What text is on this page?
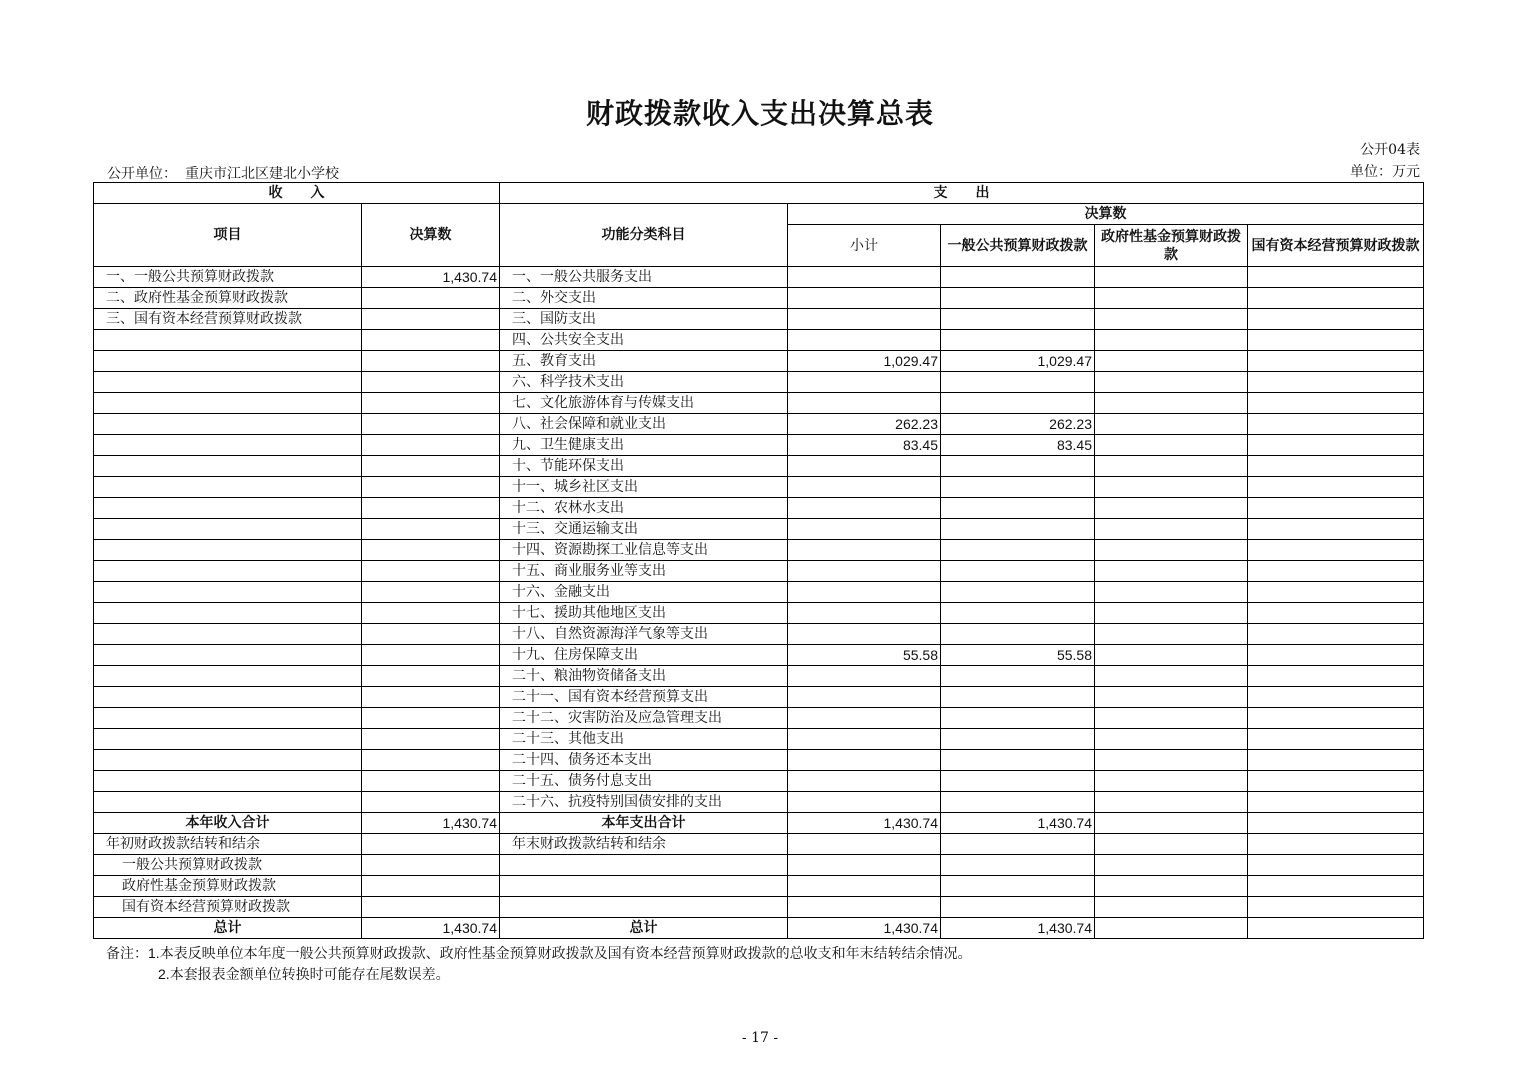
财政拨款收入支出决算总表
公开04表
单位：万元
公开单位： 重庆市江北区建北小学校
收　　入		支　　出				
项目	决算数	功能分类科目	决算数			
			小计	一般公共预算财政拨款	政府性基金预算财政拨款	国有资本经营预算财政拨款
一、一般公共预算财政拨款	1,430.74	一、一般公共服务支出				
二、政府性基金预算财政拨款		二、外交支出				
三、国有资本经营预算财政拨款		三、国防支出				
		四、公共安全支出				
		五、教育支出	1,029.47	1,029.47		
		六、科学技术支出				
		七、文化旅游体育与传媒支出				
		八、社会保障和就业支出	262.23	262.23		
		九、卫生健康支出	83.45	83.45		
		十、节能环保支出				
		十一、城乡社区支出				
		十二、农林水支出				
		十三、交通运输支出				
		十四、资源勘探工业信息等支出				
		十五、商业服务业等支出				
		十六、金融支出				
		十七、援助其他地区支出				
		十八、自然资源海洋气象等支出				
		十九、住房保障支出	55.58	55.58		
		二十、粮油物资储备支出				
		二十一、国有资本经营预算支出				
		二十二、灾害防治及应急管理支出				
		二十三、其他支出				
		二十四、债务还本支出				
		二十五、债务付息支出				
		二十六、抗疫特别国债安排的支出				
本年收入合计	1,430.74	本年支出合计	1,430.74	1,430.74		
年初财政拨款结转和结余		年末财政拨款结转和结余				
一般公共预算财政拨款						
政府性基金预算财政拨款						
国有资本经营预算财政拨款						
总计	1,430.74	总计	1,430.74	1,430.74		
备注：1.本表反映单位本年度一般公共预算财政拨款、政府性基金预算财政拨款及国有资本经营预算财政拨款的总收支和年末结转结余情况。
2.本套报表金额单位转换时可能存在尾数误差。
- 17 -
